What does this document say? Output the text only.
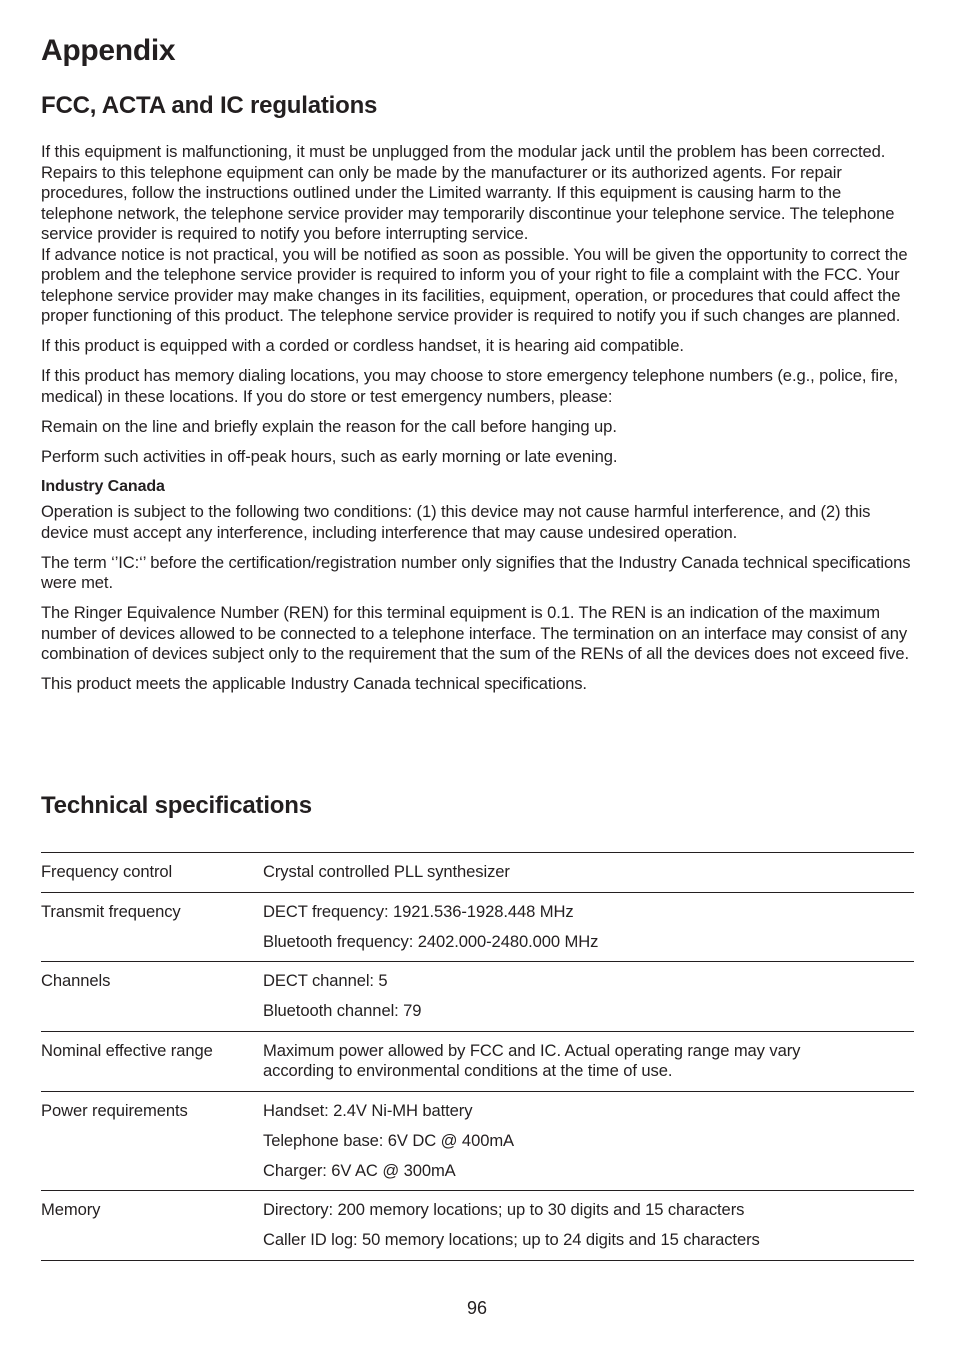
Appendix
FCC, ACTA and IC regulations

If this equipment is malfunctioning, it must be unplugged from the modular jack until the problem has been corrected. Repairs to this telephone equipment can only be made by the manufacturer or its authorized agents. For repair procedures, follow the instructions outlined under the Limited warranty. If this equipment is causing harm to the telephone network, the telephone service provider may temporarily discontinue your telephone service. The telephone service provider is required to notify you before interrupting service.
If advance notice is not practical, you will be notified as soon as possible. You will be given the opportunity to correct the problem and the telephone service provider is required to inform you of your right to file a complaint with the FCC. Your telephone service provider may make changes in its facilities, equipment, operation, or procedures that could affect the proper functioning of this product. The telephone service provider is required to notify you if such changes are planned.

If this product is equipped with a corded or cordless handset, it is hearing aid compatible.

If this product has memory dialing locations, you may choose to store emergency telephone numbers (e.g., police, fire, medical) in these locations. If you do store or test emergency numbers, please:

Remain on the line and briefly explain the reason for the call before hanging up.

Perform such activities in off-peak hours, such as early morning or late evening.

Industry Canada

Operation is subject to the following two conditions: (1) this device may not cause harmful interference, and (2) this device must accept any interference, including interference that may cause undesired operation.

The term ‘’IC:‘’ before the certification/registration number only signifies that the Industry Canada technical specifications were met.

The Ringer Equivalence Number (REN) for this terminal equipment is 0.1. The REN is an indication of the maximum number of devices allowed to be connected to a telephone interface. The termination on an interface may consist of any combination of devices subject only to the requirement that the sum of the RENs of all the devices does not exceed five.

This product meets the applicable Industry Canada technical specifications.

Technical specifications
Frequency control	Crystal controlled PLL synthesizer

Transmit frequency	DECT frequency: 1921.536-1928.448 MHz
Bluetooth frequency: 2402.000-2480.000 MHz

Channels	DECT channel: 5
Bluetooth channel: 79

Nominal effective range	Maximum power allowed by FCC and IC. Actual operating range may vary according to environmental conditions at the time of use.

Power requirements	Handset: 2.4V Ni-MH battery
Telephone base: 6V DC @ 400mA
Charger: 6V AC @ 300mA

Memory	Directory: 200 memory locations; up to 30 digits and 15 characters
Caller ID log: 50 memory locations; up to 24 digits and 15 characters
96
